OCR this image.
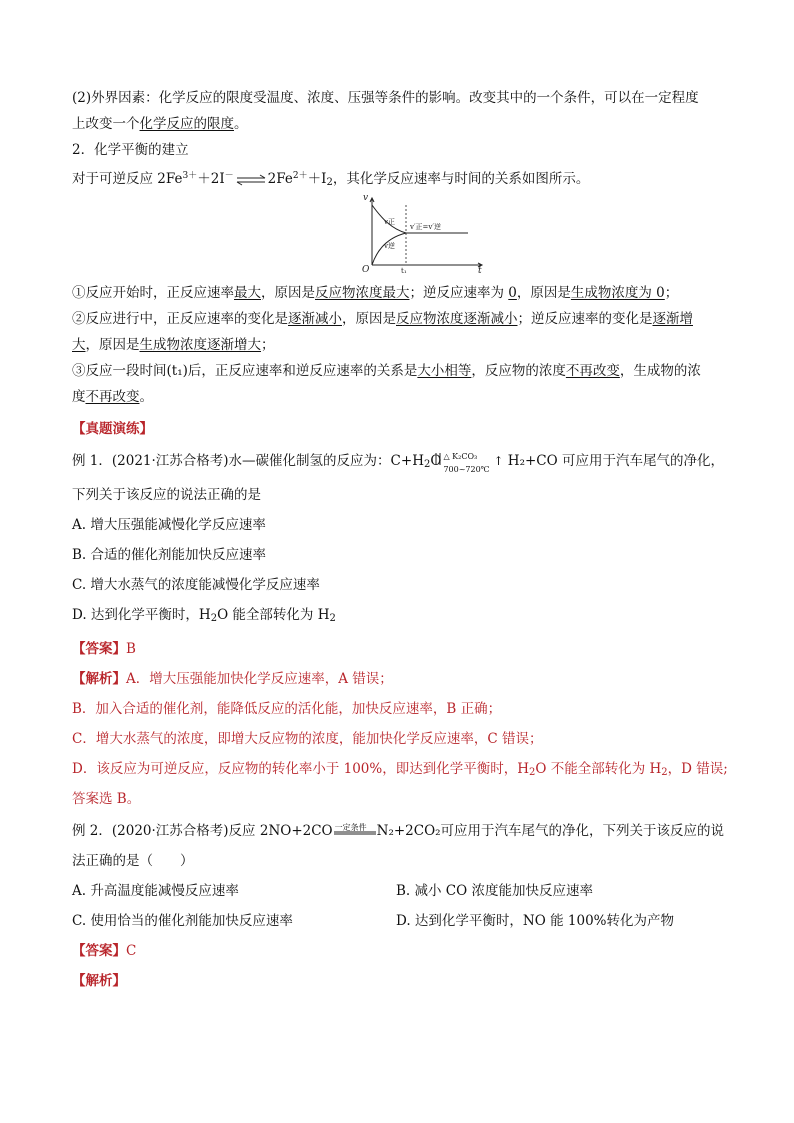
(2)外界因素：化学反应的限度受温度、浓度、压强等条件的影响。改变其中的一个条件，可以在一定程度

上改变一个化学反应的限度。

2．化学平衡的建立

对于可逆反应 $2Fe^{3+}+2I^-\rightleftharpoons 2Fe^{2+}+I_2$，其化学反应速率与时间的关系如图所示。

v
t
O	t₁
v正
v逆
v′正=v′逆

①反应开始时，正反应速率最大，原因是反应物浓度最大；逆反应速率为 0，原因是生成物浓度为 0；

②反应进行中，正反应速率的变化是逐渐减小，原因是反应物浓度逐渐减小；逆反应速率的变化是逐渐增

大，原因是生成物浓度逐渐增大；

③反应一段时间(t₁)后，正反应速率和逆反应速率的关系是大小相等，反应物的浓度不再改变，生成物的浓

度不再改变。

【真题演练】

例 1．(2021·江苏合格考)水—碳催化制氢的反应为：$C+H_2O$ △ K₂CO₃
700~720℃
↑ H₂+CO 可应用于汽车尾气的净化，

下列关于该反应的说法正确的是

A. 增大压强能减慢化学反应速率

B. 合适的催化剂能加快反应速率

C. 增大水蒸气的浓度能减慢化学反应速率

D. 达到化学平衡时，$H_2O$ 能全部转化为 $H_2$

【答案】B

【解析】A．增大压强能加快化学反应速率，A 错误；

B．加入合适的催化剂，能降低反应的活化能，加快反应速率，B 正确；

C．增大水蒸气的浓度，即增大反应物的浓度，能加快化学反应速率，C 错误；

D．该反应为可逆反应，反应物的转化率小于 100%，即达到化学平衡时，$H_2O$ 不能全部转化为 $H_2$，D 错误;

答案选 B。

例 2．(2020·江苏合格考)反应 2NO+2CO 一定条件 N₂+2CO₂可应用于汽车尾气的净化，下列关于该反应的说

法正确的是（　　）

A. 升高温度能减慢反应速率	B. 减小 CO 浓度能加快反应速率
C. 使用恰当的催化剂能加快反应速率	D. 达到化学平衡时，NO 能 100%转化为产物

【答案】C

【解析】
